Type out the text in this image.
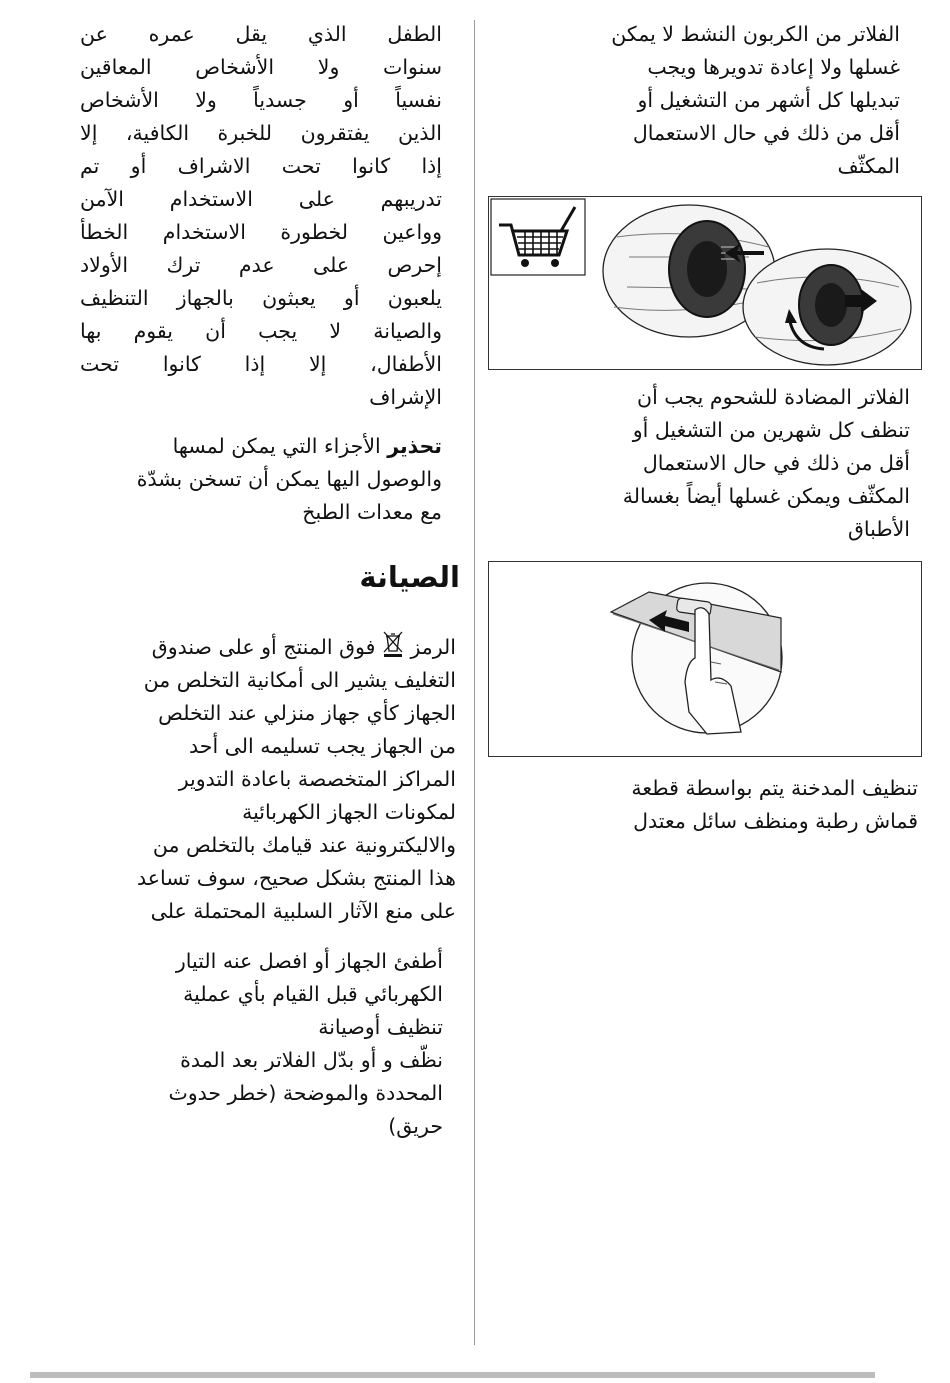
الفلاتر من الكربون النشط لا يمكن
غسلها ولا إعادة تدويرها ويجب
تبديلها كل أشهر من التشغيل أو
أقل من ذلك في حال الاستعمال
المكثّف
الفلاتر المضادة للشحوم يجب أن
تنظف كل شهرين من التشغيل أو
أقل من ذلك في حال الاستعمال
المكثّف ويمكن غسلها أيضاً بغسالة
الأطباق
تنظيف المدخنة يتم بواسطة قطعة
قماش رطبة ومنظف سائل معتدل
الطفل الذي يقل عمره عن
سنوات ولا الأشخاص المعاقين
نفسياً أو جسدياً ولا الأشخاص
الذين يفتقرون للخبرة الكافية، إلا
إذا كانوا تحت الاشراف أو تم
تدريبهم على الاستخدام الآمن
وواعين لخطورة الاستخدام الخطأ
إحرص على عدم ترك الأولاد
يلعبون أو يعبثون بالجهاز التنظيف
والصيانة لا يجب أن يقوم بها
الأطفال، إلا إذا كانوا تحت
الإشراف
تحذير الأجزاء التي يمكن لمسها
والوصول اليها يمكن أن تسخن بشدّة
مع معدات الطبخ
الصيانة
الرمز  فوق المنتج أو على صندوق
التغليف يشير الى أمكانية التخلص من
الجهاز كأي جهاز منزلي عند التخلص
من الجهاز يجب تسليمه الى أحد
المراكز المتخصصة باعادة التدوير
لمكونات الجهاز الكهربائية
والاليكترونية عند قيامك بالتخلص من
هذا المنتج بشكل صحيح، سوف تساعد
على منع الآثار السلبية المحتملة على
أطفئ الجهاز أو افصل عنه التيار
الكهربائي قبل القيام بأي عملية
تنظيف أوصيانة
نظّف و أو بدّل الفلاتر بعد المدة
المحددة والموضحة (خطر حدوث
حريق)
